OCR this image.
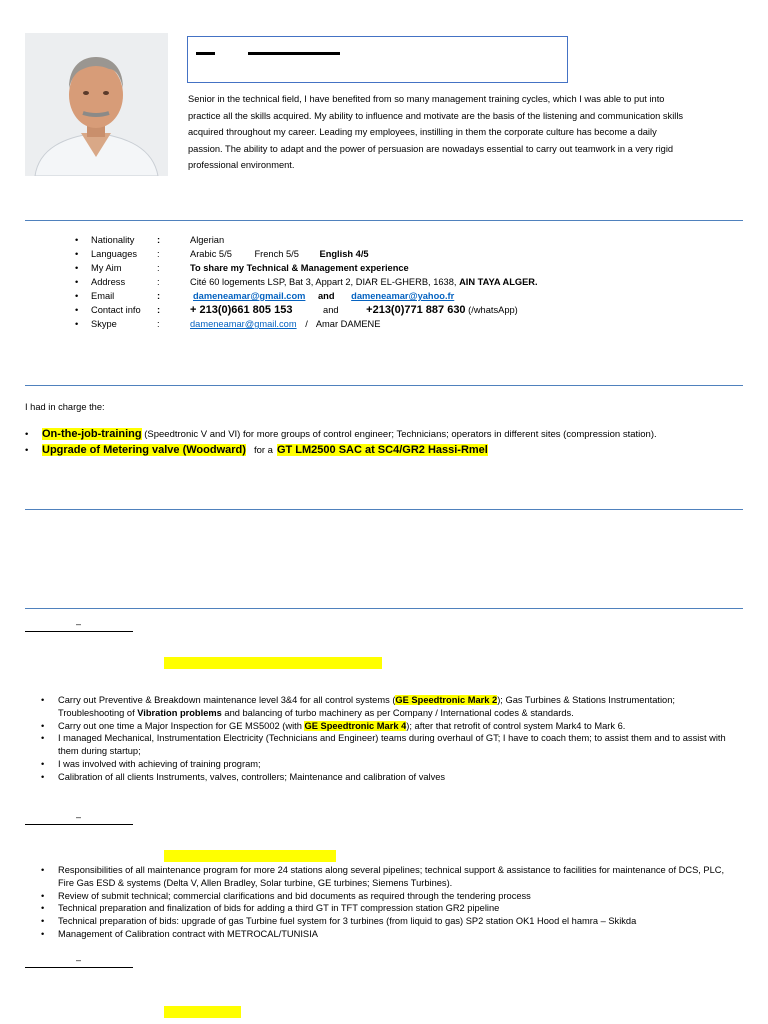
Senior in the technical field, I have benefited from so many management training cycles, which I was able to put into practice all the skills acquired. My ability to influence and motivate are the basis of the listening and communication skills acquired throughout my career. Leading my employees, instilling in them the corporate culture has become a daily passion. The ability to adapt and the power of persuasion are nowadays essential to carry out teamwork in a very rigid professional environment.
• Nationality :	Algerian
• Languages :	Arabic 5/5 French 5/5 English 4/5
• My Aim	:	To share my Technical & Management experience
• Address	:	Cité 60 logements LSP, Bat 3, Appart 2, DIAR EL-GHERB, 1638, AIN TAYA ALGER.
• Email	:	dameneamar@gmail.com and dameneamar@yahoo.fr
• Contact info :	+ 213(0)661 805 153	and	+213(0)771 887 630 (/whatsApp)
• Skype	:	dameneamar@gmail.com / Amar DAMENE
I had in charge the:
• On-the-job-training (Speedtronic V and VI) for more groups of control engineer; Technicians; operators in different sites (compression station).
• Upgrade of Metering valve (Woodward) for a GT LM2500 SAC at SC4/GR2 Hassi-Rmel
–
• Carry out Preventive & Breakdown maintenance level 3&4 for all control systems (GE Speedtronic Mark 2); Gas Turbines & Stations Instrumentation;
Troubleshooting of Vibration problems and balancing of turbo machinery as per Company / International codes & standards.
• Carry out one time a Major Inspection for GE MS5002 (with GE Speedtronic Mark 4); after that retrofit of control system Mark4 to Mark 6.
• I managed Mechanical, Instrumentation Electricity (Technicians and Engineer) teams during overhaul of GT; I have to coach them; to assist them and to assist with them during startup;
• I was involved with achieving of training program;
• Calibration of all clients Instruments, valves, controllers; Maintenance and calibration of valves
–
• Responsibilities of all maintenance program for more 24 stations along several pipelines; technical support & assistance to facilities for maintenance of DCS, PLC, Fire Gas ESD & systems (Delta V, Allen Bradley, Solar turbine, GE turbines; Siemens Turbines).
• Review of submit technical; commercial clarifications and bid documents as required through the tendering process
• Technical preparation and finalization of bids for adding a third GT in TFT compression station GR2 pipeline
• Technical preparation of bids: upgrade of gas Turbine fuel system for 3 turbines (from liquid to gas) SP2 station OK1 Hood el hamra – Skikda
• Management of Calibration contract with METROCAL/TUNISIA
–
